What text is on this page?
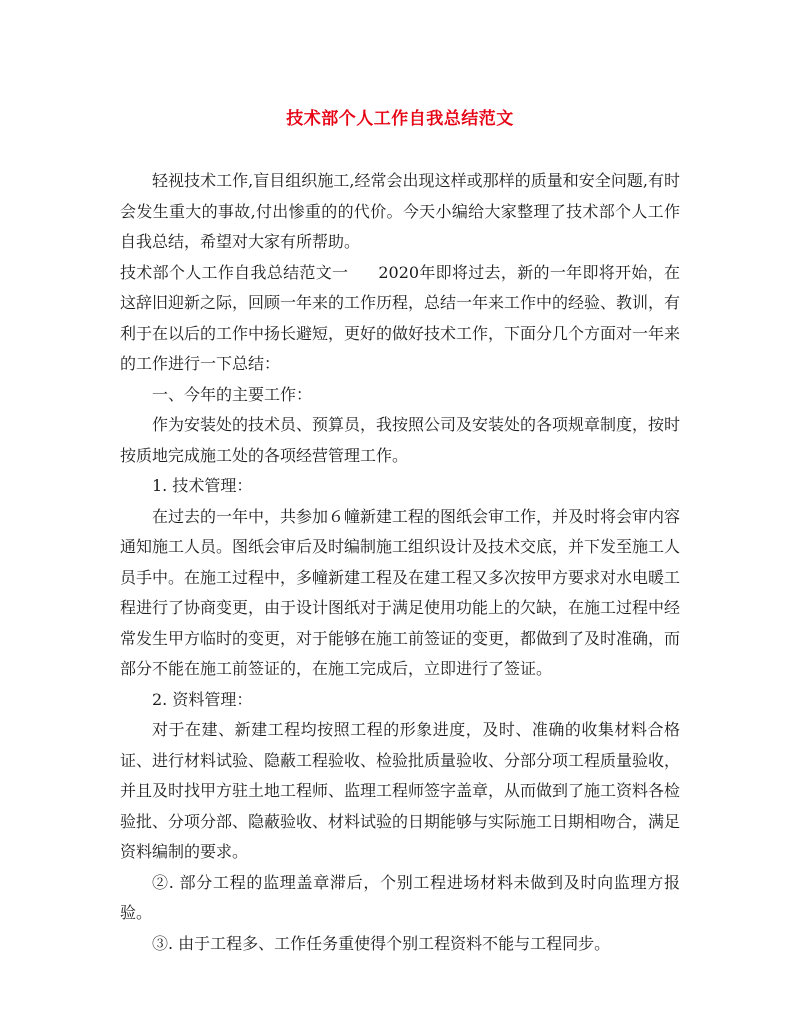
技术部个人工作自我总结范文

轻视技术工作,盲目组织施工,经常会出现这样或那样的质量和安全问题,有时会发生重大的事故,付出惨重的的代价。今天小编给大家整理了技术部个人工作自我总结，希望对大家有所帮助。

技术部个人工作自我总结范文一 2020年即将过去，新的一年即将开始，在这辞旧迎新之际，回顾一年来的工作历程，总结一年来工作中的经验、教训，有利于在以后的工作中扬长避短，更好的做好技术工作，下面分几个方面对一年来的工作进行一下总结：

一、今年的主要工作：

作为安装处的技术员、预算员，我按照公司及安装处的各项规章制度，按时按质地完成施工处的各项经营管理工作。

1. 技术管理：

在过去的一年中，共参加６幢新建工程的图纸会审工作，并及时将会审内容通知施工人员。图纸会审后及时编制施工组织设计及技术交底，并下发至施工人员手中。在施工过程中，多幢新建工程及在建工程又多次按甲方要求对水电暖工程进行了协商变更，由于设计图纸对于满足使用功能上的欠缺，在施工过程中经常发生甲方临时的变更，对于能够在施工前签证的变更，都做到了及时准确，而部分不能在施工前签证的，在施工完成后，立即进行了签证。

2. 资料管理：

对于在建、新建工程均按照工程的形象进度，及时、准确的收集材料合格证、进行材料试验、隐蔽工程验收、检验批质量验收、分部分项工程质量验收，并且及时找甲方驻土地工程师、监理工程师签字盖章，从而做到了施工资料各检验批、分项分部、隐蔽验收、材料试验的日期能够与实际施工日期相吻合，满足资料编制的要求。

②. 部分工程的监理盖章滞后，个别工程进场材料未做到及时向监理方报验。

③. 由于工程多、工作任务重使得个别工程资料不能与工程同步。
